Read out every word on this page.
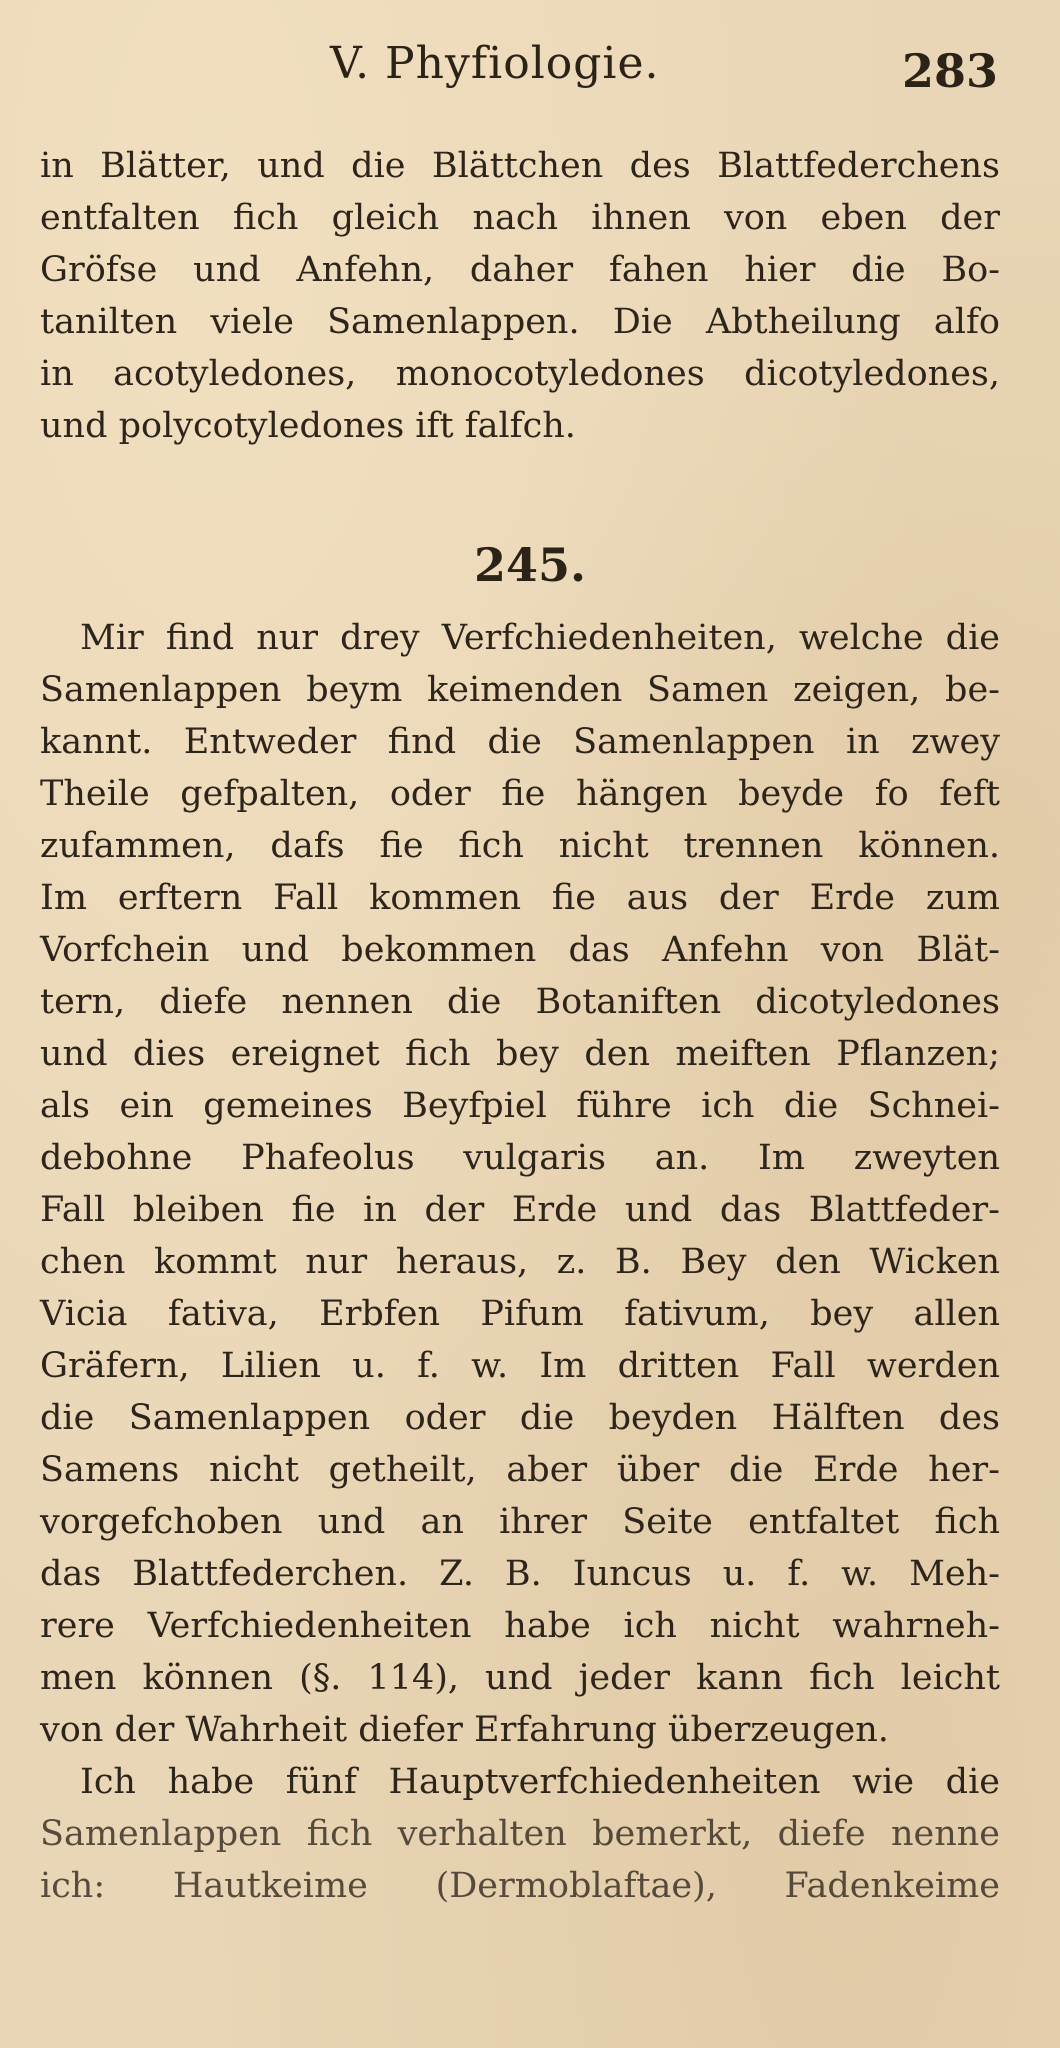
V. Phyfiologie.	283
in Blätter, und die Blättchen des Blattfederchens
entfalten fich gleich nach ihnen von eben der
Gröfse und Anfehn, daher fahen hier die Bo-
tanilten viele Samenlappen. Die Abtheilung alfo
in acotyledones, monocotyledones dicotyledones,
und polycotyledones ift falfch.
245.
Mir find nur drey Verfchiedenheiten, welche die
Samenlappen beym keimenden Samen zeigen, be-
kannt. Entweder find die Samenlappen in zwey
Theile gefpalten, oder fie hängen beyde fo feft
zufammen, dafs fie fich nicht trennen können.
Im erftern Fall kommen fie aus der Erde zum
Vorfchein und bekommen das Anfehn von Blät-
tern, diefe nennen die Botaniften dicotyledones
und dies ereignet fich bey den meiften Pflanzen;
als ein gemeines Beyfpiel führe ich die Schnei-
debohne Phafeolus vulgaris an. Im zweyten
Fall bleiben fie in der Erde und das Blattfeder-
chen kommt nur heraus, z. B. Bey den Wicken
Vicia fativa, Erbfen Pifum fativum, bey allen
Gräfern, Lilien u. f. w. Im dritten Fall werden
die Samenlappen oder die beyden Hälften des
Samens nicht getheilt, aber über die Erde her-
vorgefchoben und an ihrer Seite entfaltet fich
das Blattfederchen. Z. B. Iuncus u. f. w. Meh-
rere Verfchiedenheiten habe ich nicht wahrneh-
men können (§. 114), und jeder kann fich leicht
von der Wahrheit diefer Erfahrung überzeugen.
Ich habe fünf Hauptverfchiedenheiten wie die
Samenlappen fich verhalten bemerkt, diefe nenne
ich: Hautkeime (Dermoblaftae), Fadenkeime
